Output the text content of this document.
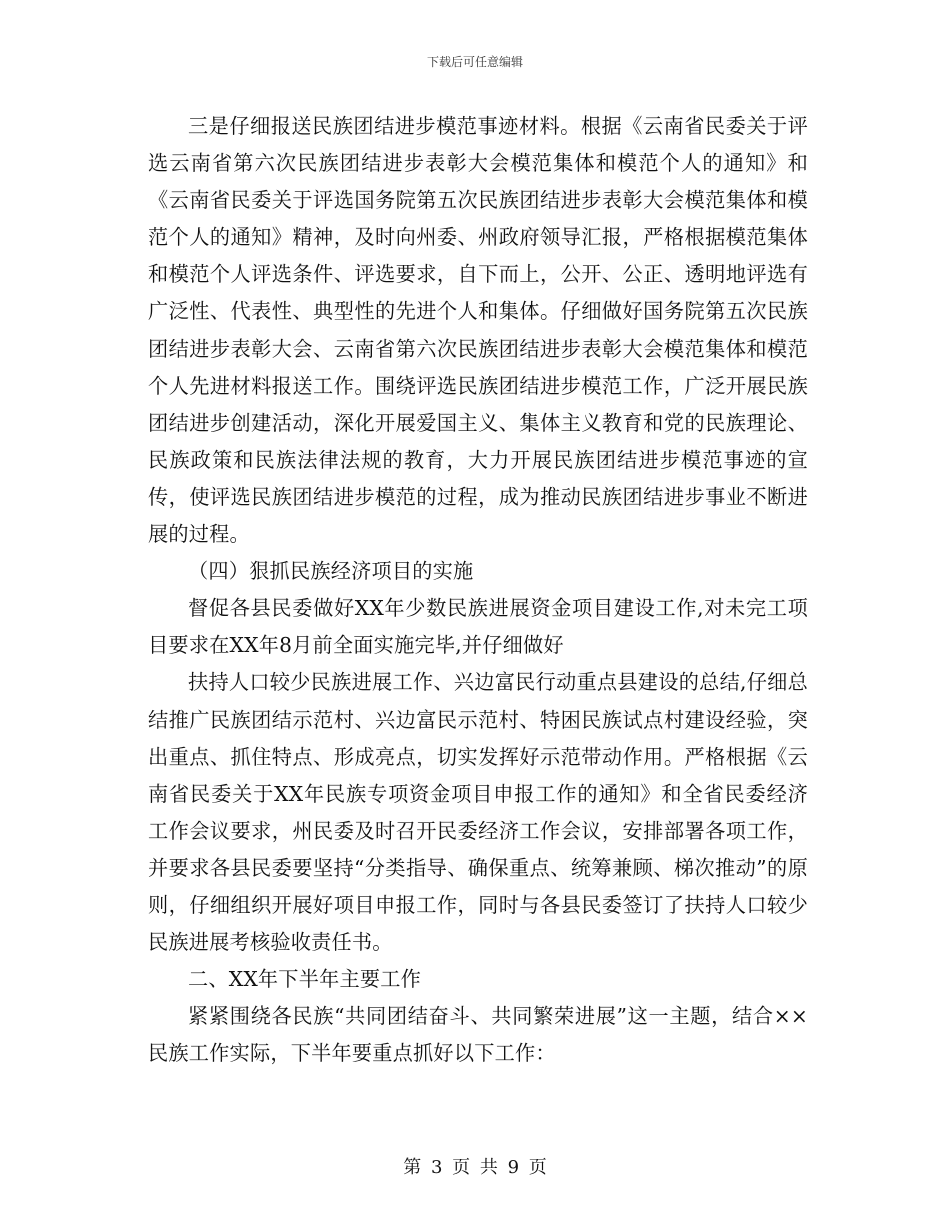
下载后可任意编辑

三是仔细报送民族团结进步模范事迹材料。根据《云南省民委关于评选云南省第六次民族团结进步表彰大会模范集体和模范个人的通知》和《云南省民委关于评选国务院第五次民族团结进步表彰大会模范集体和模范个人的通知》精神，及时向州委、州政府领导汇报，严格根据模范集体和模范个人评选条件、评选要求，自下而上，公开、公正、透明地评选有广泛性、代表性、典型性的先进个人和集体。仔细做好国务院第五次民族团结进步表彰大会、云南省第六次民族团结进步表彰大会模范集体和模范个人先进材料报送工作。围绕评选民族团结进步模范工作，广泛开展民族团结进步创建活动，深化开展爱国主义、集体主义教育和党的民族理论、民族政策和民族法律法规的教育，大力开展民族团结进步模范事迹的宣传，使评选民族团结进步模范的过程，成为推动民族团结进步事业不断进展的过程。

（四）狠抓民族经济项目的实施

督促各县民委做好XX年少数民族进展资金项目建设工作,对未完工项目要求在XX年8月前全面实施完毕,并仔细做好

扶持人口较少民族进展工作、兴边富民行动重点县建设的总结,仔细总结推广民族团结示范村、兴边富民示范村、特困民族试点村建设经验，突出重点、抓住特点、形成亮点，切实发挥好示范带动作用。严格根据《云南省民委关于XX年民族专项资金项目申报工作的通知》和全省民委经济工作会议要求，州民委及时召开民委经济工作会议，安排部署各项工作，并要求各县民委要坚持“分类指导、确保重点、统筹兼顾、梯次推动”的原则，仔细组织开展好项目申报工作，同时与各县民委签订了扶持人口较少民族进展考核验收责任书。

二、XX年下半年主要工作

紧紧围绕各民族“共同团结奋斗、共同繁荣进展”这一主题，结合××民族工作实际，下半年要重点抓好以下工作：

第 3 页 共 9 页
